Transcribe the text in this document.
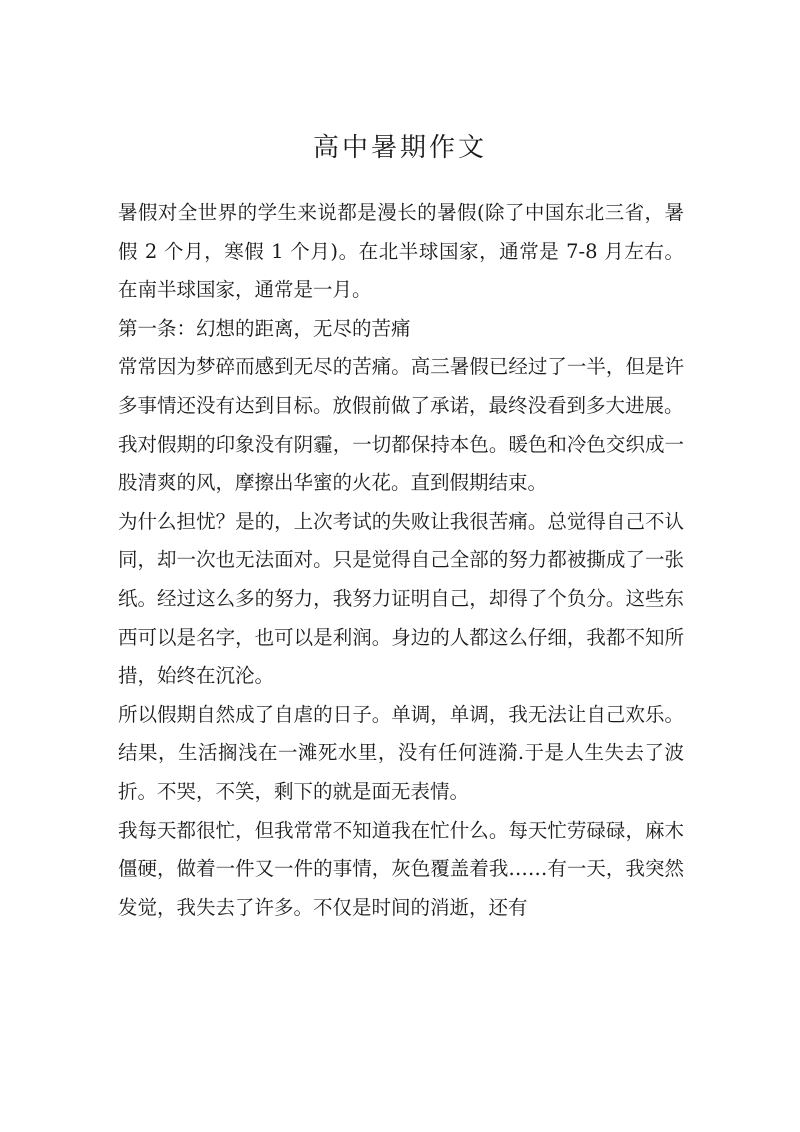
高中暑期作文

暑假对全世界的学生来说都是漫长的暑假(除了中国东北三省，暑假 2 个月，寒假 1 个月)。在北半球国家，通常是 7-8 月左右。在南半球国家，通常是一月。

第一条：幻想的距离，无尽的苦痛

常常因为梦碎而感到无尽的苦痛。高三暑假已经过了一半，但是许多事情还没有达到目标。放假前做了承诺，最终没看到多大进展。

我对假期的印象没有阴霾，一切都保持本色。暖色和冷色交织成一股清爽的风，摩擦出华蜜的火花。直到假期结束。

为什么担忧？是的，上次考试的失败让我很苦痛。总觉得自己不认同，却一次也无法面对。只是觉得自己全部的努力都被撕成了一张纸。经过这么多的努力，我努力证明自己，却得了个负分。这些东西可以是名字，也可以是利润。身边的人都这么仔细，我都不知所措，始终在沉沦。

所以假期自然成了自虐的日子。单调，单调，我无法让自己欢乐。结果，生活搁浅在一滩死水里，没有任何涟漪.于是人生失去了波折。不哭，不笑，剩下的就是面无表情。

我每天都很忙，但我常常不知道我在忙什么。每天忙劳碌碌，麻木僵硬，做着一件又一件的事情，灰色覆盖着我……有一天，我突然发觉，我失去了许多。不仅是时间的消逝，还有
